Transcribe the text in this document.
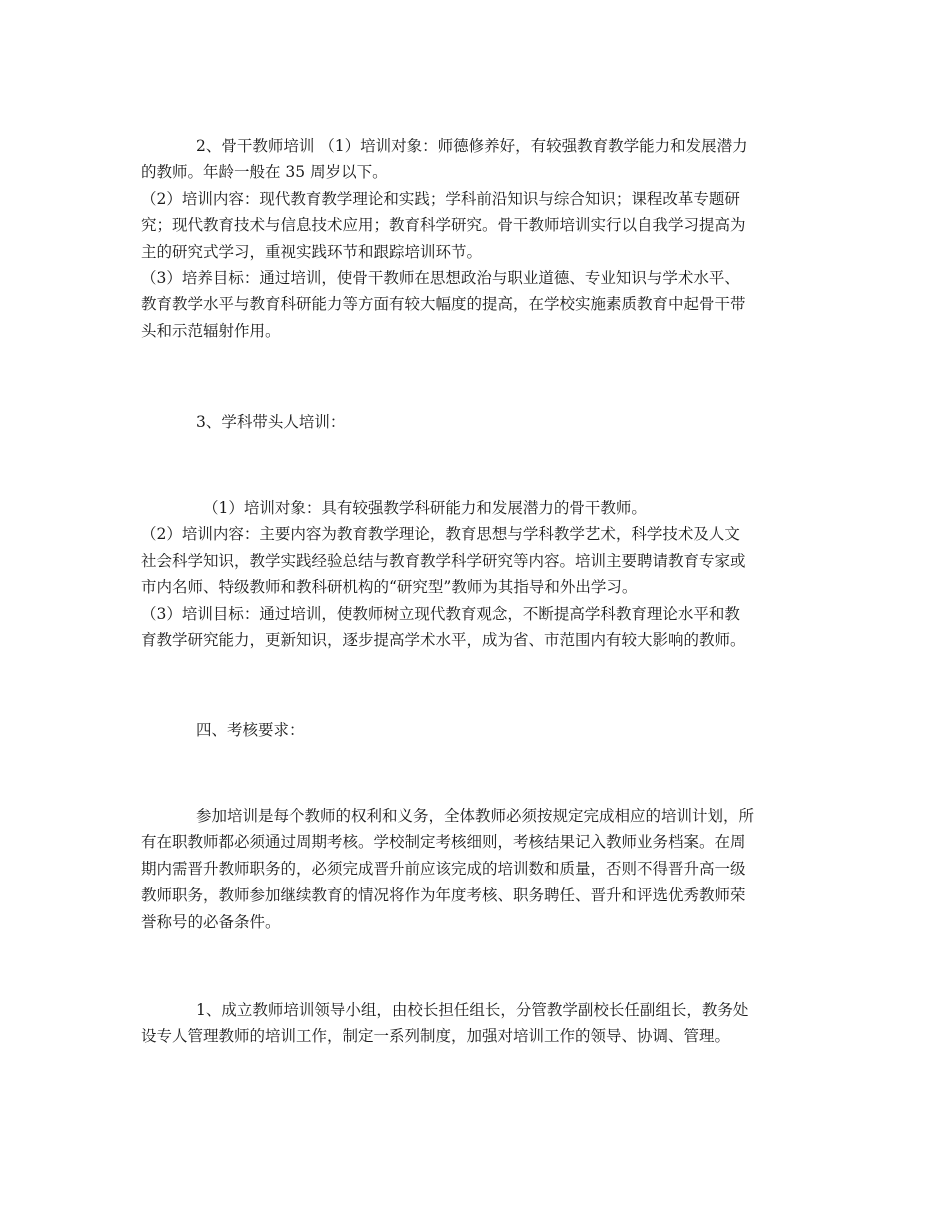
2、骨干教师培训 （1）培训对象：师德修养好，有较强教育教学能力和发展潜力
的教师。年龄一般在 35 周岁以下。
（2）培训内容：现代教育教学理论和实践；学科前沿知识与综合知识；课程改革专题研
究；现代教育技术与信息技术应用；教育科学研究。骨干教师培训实行以自我学习提高为
主的研究式学习，重视实践环节和跟踪培训环节。
（3）培养目标：通过培训，使骨干教师在思想政治与职业道德、专业知识与学术水平、
教育教学水平与教育科研能力等方面有较大幅度的提高，在学校实施素质教育中起骨干带
头和示范辐射作用。
3、学科带头人培训：
（1）培训对象：具有较强教学科研能力和发展潜力的骨干教师。
（2）培训内容：主要内容为教育教学理论，教育思想与学科教学艺术，科学技术及人文
社会科学知识，教学实践经验总结与教育教学科学研究等内容。培训主要聘请教育专家或
市内名师、特级教师和教科研机构的“研究型”教师为其指导和外出学习。
（3）培训目标：通过培训，使教师树立现代教育观念，不断提高学科教育理论水平和教
育教学研究能力，更新知识，逐步提高学术水平，成为省、市范围内有较大影响的教师。
四、考核要求：
参加培训是每个教师的权利和义务，全体教师必须按规定完成相应的培训计划，所
有在职教师都必须通过周期考核。学校制定考核细则，考核结果记入教师业务档案。在周
期内需晋升教师职务的，必须完成晋升前应该完成的培训数和质量，否则不得晋升高一级
教师职务，教师参加继续教育的情况将作为年度考核、职务聘任、晋升和评选优秀教师荣
誉称号的必备条件。
1、成立教师培训领导小组，由校长担任组长，分管教学副校长任副组长，教务处
设专人管理教师的培训工作，制定一系列制度，加强对培训工作的领导、协调、管理。
